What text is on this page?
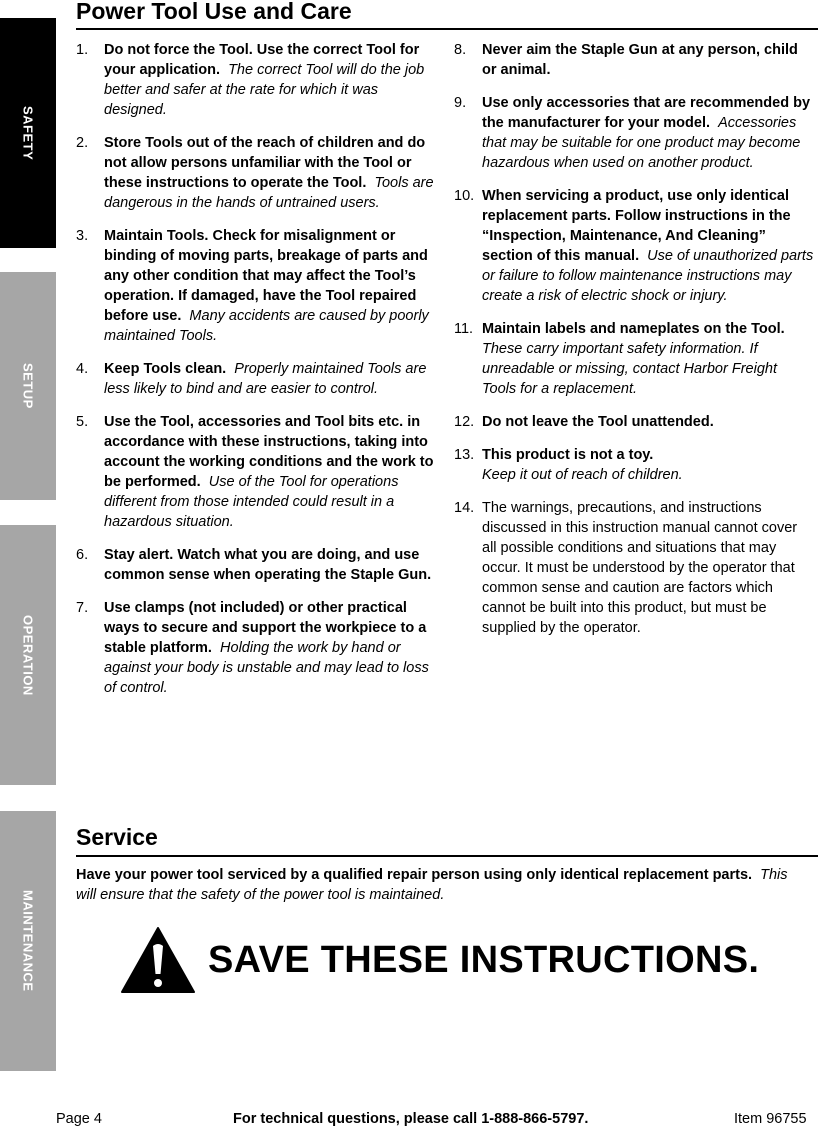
SAFETY
SETUP
OPERATION
MAINTENANCE
Power Tool Use and Care
1.	Do not force the Tool. Use the correct Tool for your application. The correct Tool will do the job better and safer at the rate for which it was designed.
2.	Store Tools out of the reach of children and do not allow persons unfamiliar with the Tool or these instructions to operate the Tool. Tools are dangerous in the hands of untrained users.
3.	Maintain Tools. Check for misalignment or binding of moving parts, breakage of parts and any other condition that may affect the Tool’s operation. If damaged, have the Tool repaired before use. Many accidents are caused by poorly maintained Tools.
4.	Keep Tools clean. Properly maintained Tools are less likely to bind and are easier to control.
5.	Use the Tool, accessories and Tool bits etc. in accordance with these instructions, taking into account the working conditions and the work to be performed. Use of the Tool for operations different from those intended could result in a hazardous situation.
6.	Stay alert. Watch what you are doing, and use common sense when operating the Staple Gun.
7.	Use clamps (not included) or other practical ways to secure and support the workpiece to a stable platform. Holding the work by hand or against your body is unstable and may lead to loss of control.
8.	Never aim the Staple Gun at any person, child or animal.
9.	Use only accessories that are recommended by the manufacturer for your model. Accessories that may be suitable for one product may become hazardous when used on another product.
10. When servicing a product, use only identical replacement parts. Follow instructions in the “Inspection, Maintenance, And Cleaning” section of this manual. Use of unauthorized parts or failure to follow maintenance instructions may create a risk of electric shock or injury.
11. Maintain labels and nameplates on the Tool.
These carry important safety information. If unreadable or missing, contact Harbor Freight Tools for a replacement.
12. Do not leave the Tool unattended.
13. This product is not a toy.
Keep it out of reach of children.
14. The warnings, precautions, and instructions discussed in this instruction manual cannot cover all possible conditions and situations that may occur. It must be understood by the operator that common sense and caution are factors which cannot be built into this product, but must be supplied by the operator.
Service
Have your power tool serviced by a qualified repair person using only identical replacement parts. This will ensure that the safety of the power tool is maintained.
SAVE THESE INSTRUCTIONS.
Page 4	For technical questions, please call 1-888-866-5797.	Item 96755
